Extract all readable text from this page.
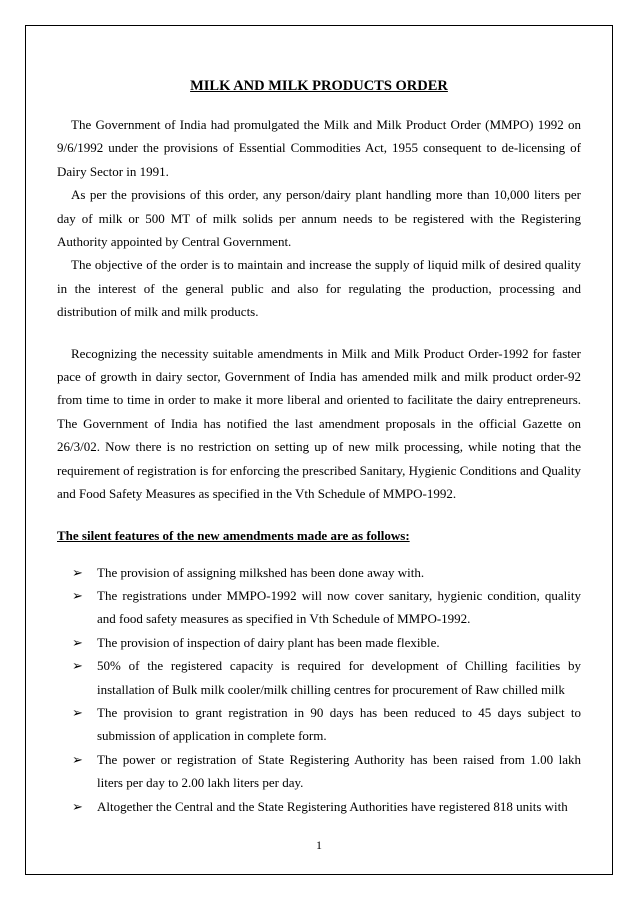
MILK AND MILK PRODUCTS ORDER

The Government of India had promulgated the Milk and Milk Product Order (MMPO) 1992 on 9/6/1992 under the provisions of Essential Commodities Act, 1955 consequent to de-licensing of Dairy Sector in 1991.

As per the provisions of this order, any person/dairy plant handling more than 10,000 liters per day of milk or 500 MT of milk solids per annum needs to be registered with the Registering Authority appointed by Central Government.

The objective of the order is to maintain and increase the supply of liquid milk of desired quality in the interest of the general public and also for regulating the production, processing and distribution of milk and milk products.

Recognizing the necessity suitable amendments in Milk and Milk Product Order-1992 for faster pace of growth in dairy sector, Government of India has amended milk and milk product order-92 from time to time in order to make it more liberal and oriented to facilitate the dairy entrepreneurs. The Government of India has notified the last amendment proposals in the official Gazette on 26/3/02. Now there is no restriction on setting up of new milk processing, while noting that the requirement of registration is for enforcing the prescribed Sanitary, Hygienic Conditions and Quality and Food Safety Measures as specified in the Vth Schedule of MMPO-1992.

The silent features of the new amendments made are as follows:

➢ The provision of assigning milkshed has been done away with.
➢ The registrations under MMPO-1992 will now cover sanitary, hygienic condition, quality and food safety measures as specified in Vth Schedule of MMPO-1992.
➢ The provision of inspection of dairy plant has been made flexible.
➢ 50% of the registered capacity is required for development of Chilling facilities by installation of Bulk milk cooler/milk chilling centres for procurement of Raw chilled milk
➢ The provision to grant registration in 90 days has been reduced to 45 days subject to submission of application in complete form.
➢ The power or registration of State Registering Authority has been raised from 1.00 lakh liters per day to 2.00 lakh liters per day.
➢ Altogether the Central and the State Registering Authorities have registered 818 units with
1
